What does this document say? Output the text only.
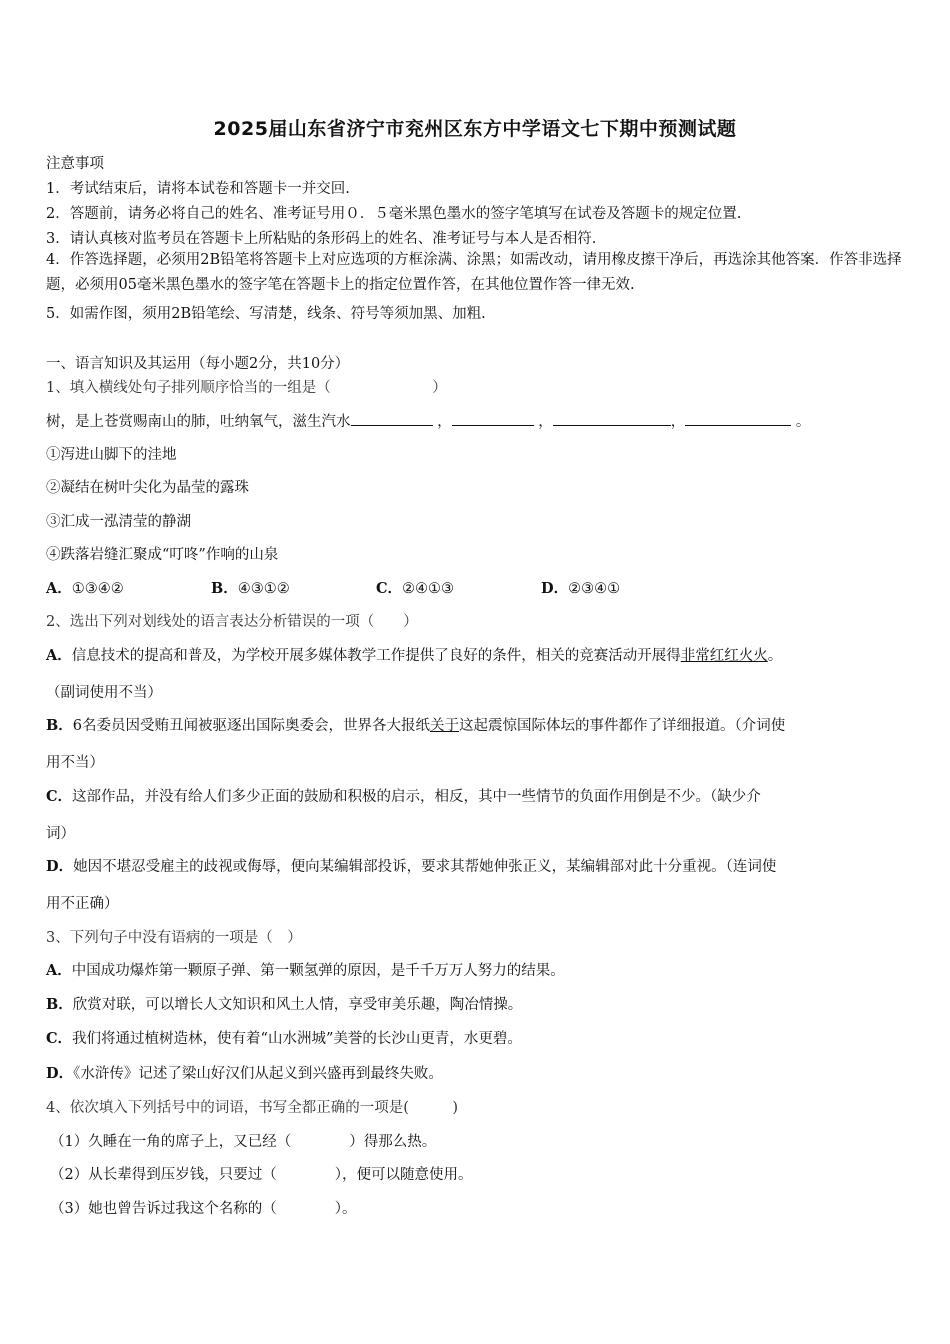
2025届山东省济宁市兖州区东方中学语文七下期中预测试题
注意事项
1．考试结束后，请将本试卷和答题卡一并交回.
2．答题前，请务必将自己的姓名、准考证号用０．５毫米黑色墨水的签字笔填写在试卷及答题卡的规定位置.
3．请认真核对监考员在答题卡上所粘贴的条形码上的姓名、准考证号与本人是否相符.
4．作答选择题，必须用2B铅笔将答题卡上对应选项的方框涂满、涂黑；如需改动，请用橡皮擦干净后，再选涂其他答案．作答非选择题，必须用05毫米黑色墨水的签字笔在答题卡上的指定位置作答，在其他位置作答一律无效.
5．如需作图，须用2B铅笔绘、写清楚，线条、符号等须加黑、加粗.
一、语言知识及其运用（每小题2分，共10分）
1、填入横线处句子排列顺序恰当的一组是（　　　　　　　）
树，是上苍赏赐南山的肺，吐纳氧气，滋生汽水	，	，	，	。
①泻进山脚下的洼地
②凝结在树叶尖化为晶莹的露珠
③汇成一泓清莹的静湖
④跌落岩缝汇聚成“叮咚”作响的山泉
A．①③④②	B．④③①②	C．②④①③	D．②③④①
2、选出下列对划线处的语言表达分析错误的一项（　　）
A．信息技术的提高和普及，为学校开展多媒体教学工作提供了良好的条件，相关的竞赛活动开展得非常红红火火。
（副词使用不当）
B．6名委员因受贿丑闻被驱逐出国际奥委会，世界各大报纸关于这起震惊国际体坛的事件都作了详细报道。（介词使
用不当）
C．这部作品，并没有给人们多少正面的鼓励和积极的启示，相反，其中一些情节的负面作用倒是不少。（缺少介
词）
D．她因不堪忍受雇主的歧视或侮辱，便向某编辑部投诉，要求其帮她伸张正义，某编辑部对此十分重视。（连词使
用不正确）
3、下列句子中没有语病的一项是（　）
A．中国成功爆炸第一颗原子弹、第一颗氢弹的原因，是千千万万人努力的结果。
B．欣赏对联，可以增长人文知识和风土人情，享受审美乐趣，陶冶情操。
C．我们将通过植树造林，使有着“山水洲城”美誉的长沙山更青，水更碧。
D．《水浒传》记述了梁山好汉们从起义到兴盛再到最终失败。
4、依次填入下列括号中的词语，书写全都正确的一项是(　　　)
（1）久睡在一角的席子上，又已经（　　　　）得那么热。
（2）从长辈得到压岁钱，只要过（　　　　），便可以随意使用。
（3）她也曾告诉过我这个名称的（　　　　）。
